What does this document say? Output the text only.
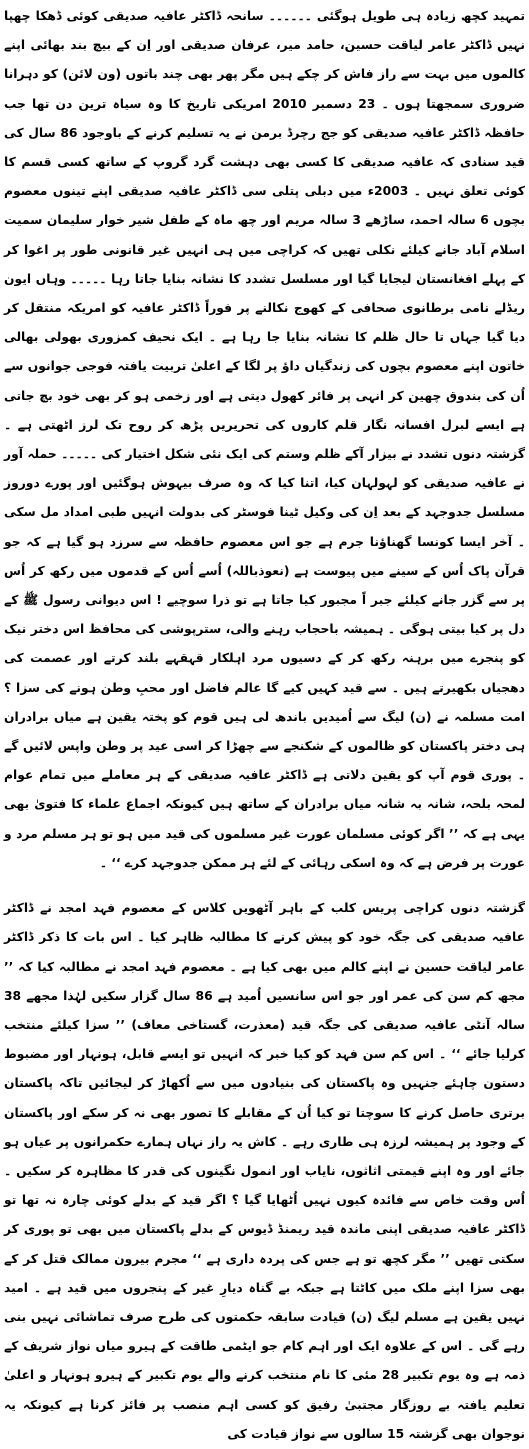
تمہید کچھ زیادہ ہی طویل ہوگئی ۔۔۔۔۔۔ سانحہ ڈاکٹر عافیہ صدیقی کوئی ڈھکا چھپا نہیں ڈاکٹر عامر لیاقت حسین، حامد میر، عرفان صدیقی اور اِن کے بیچ بند بھائی اپنے کالموں میں بہت سے راز فاش کر چکے ہیں مگر پھر بھی چند باتوں (ون لائن) کو دہرانا ضروری سمجھتا ہوں ۔ 23 دسمبر 2010 امریکی تاریخ کا وہ سیاہ ترین دن تھا جب حافظہ ڈاکٹر عافیہ صدیقی کو جج رچرڈ برمن نے یہ تسلیم کرنے کے باوجود 86 سال کی قید سنادی کہ عافیہ صدیقی کا کسی بھی دہشت گرد گروپ کے ساتھ کسی قسم کا کوئی تعلق نہیں ۔ 2003ء میں دبلی پتلی سی ڈاکٹر عافیہ صدیقی اپنے تینوں معصوم بچوں 6 سالہ احمد، ساڑھے 3 سالہ مریم اور چھ ماہ کے طفل شیر خوار سلیمان سمیت اسلام آباد جانے کیلئے نکلی تھیں کہ کراچی میں ہی انہیں غیر قانونی طور پر اغوا کر کے پہلے افغانستان لیجایا گیا اور مسلسل تشدد کا نشانہ بنایا جاتا رہا ۔۔۔۔۔ وہاں ایون ریڈلے نامی برطانوی صحافی کے کھوج نکالنے پر فوراً ڈاکٹر عافیہ کو امریکہ منتقل کر دیا گیا جہاں تا حال ظلم کا نشانہ بنایا جا رہا ہے ۔ ایک نحیف کمزوری بھولی بھالی خاتون اپنے معصوم بچوں کی زندگیاں داؤ پر لگا کے اعلیٰ تربیت یافتہ فوجی جوانوں سے اُن کی بندوق چھین کر انہی پر فائر کھول دیتی ہے اور زخمی ہو کر بھی خود بچ جاتی ہے ایسے لبرل افسانہ نگار قلم کاروں کی تحریریں پڑھ کر روح تک لرز اٹھتی ہے ۔ گزشتہ دنوں تشدد نے بیزار آکے ظلم وستم کی ایک نئی شکل اختیار کی ۔۔۔۔۔ حملہ آور نے عافیہ صدیقی کو لہولہان کیا، اتنا کیا کہ وہ صرف بیہوش ہوگئیں اور پورے دوروز مسلسل جدوجہد کے بعد اِن کی وکیل ٹینا فوسٹر کی بدولت انہیں طبی امداد مل سکی ۔ آخر ایسا کونسا گھناؤنا جرم ہے جو اس معصوم حافظہ سے سرزد ہو گیا ہے کہ جو قرآن پاک اُس کے سینے میں پیوست ہے (نعوذباللہ) اُسے اُس کے قدموں میں رکھ کر اُس پر سے گزر جانے کیلئے جبر اً مجبور کیا جاتا ہے تو ذرا سوچیے ! اس دیوانی رسول ﷺ کے دل پر کیا بیتی ہوگی ۔ ہمیشہ باحجاب رہنے والی، سترپوشی کی محافظ اس دختر نیک کو پنجرے میں برہنہ رکھ کر کے دسیوں مرد اہلکار قہقہے بلند کرتے اور عصمت کی دھجیاں بکھیرتے ہیں ۔ سے قید کہیں کیے گا عالم فاضل اور محبِ وطن ہونے کی سزا ؟ امت مسلمہ نے (ن) لیگ سے اُمیدیں باندھ لی ہیں قوم کو پختہ یقین ہے میاں برادران ہی دختر پاکستان کو ظالموں کے شکنجے سے چھڑا کر اسی عید پر وطن واپس لائیں گے ۔ پوری قوم آپ کو یقین دلاتی ہے ڈاکٹر عافیہ صدیقی کے ہر معاملے میں تمام عوام لمحہ بلحہ، شانہ بہ شانہ میاں برادران کے ساتھ ہیں کیونکہ اجماع علماء کا فتویٰ بھی یہی ہے کہ ’’ اگر کوئی مسلمان عورت غیر مسلموں کی قید میں ہو تو ہر مسلم مرد و عورت پر فرض ہے کہ وہ اسکی رہائی کے لئے ہر ممکن جدوجہد کرے ‘‘ ۔

گزشتہ دنوں کراچی پریس کلب کے باہر آٹھویں کلاس کے معصوم فہد امجد نے ڈاکٹر عافیہ صدیقی کی جگہ خود کو پیش کرنے کا مطالبہ ظاہر کیا ۔ اس بات کا ذکر ڈاکٹر عامر لیاقت حسین نے اپنے کالم میں بھی کیا ہے ۔ معصوم فہد امجد نے مطالبہ کیا کہ ’’ مجھ کم سن کی عمر اور جو اس سانسیں اُمید ہے 86 سال گزار سکیں لہٰذا مجھے 38 سالہ آنٹی عافیہ صدیقی کی جگہ قید (معذرت، گستاخی معاف) ’’ سزا کیلئے منتخب کرلیا جائے ‘‘ ۔ اس کم سن فہد کو کیا خبر کہ انہیں تو ایسے قابل، ہونہار اور مضبوط دستون چاہئے جنہیں وہ پاکستان کی بنیادوں میں سے اُکھاڑ کر لیجائیں تاکہ پاکستان برتری حاصل کرنے کا سوچتا تو کیا اُن کے مقابلے کا تصور بھی نہ کر سکے اور پاکستان کے وجود پر ہمیشہ لرزہ ہی طاری رہے ۔ کاش یہ راز نہاں ہمارے حکمرانوں پر عیاں ہو جائے اور وہ اپنے قیمتی اثاثوں، نایاب اور انمول نگینوں کی قدر کا مظاہرہ کر سکیں ۔ اُس وقت خاص سے فائدہ کیوں نہیں اُٹھایا گیا ؟ اگر قید کے بدلے کوئی چارہ نہ تھا تو ڈاکٹر عافیہ صدیقی اپنی ماندہ قید ریمنڈ ڈیوس کے بدلے پاکستان میں بھی تو پوری کر سکتی تھیں ’’ مگر کچھ تو ہے جس کی پردہ داری ہے ‘‘ مجرم بیرون ممالک قتل کر کے بھی سزا اپنے ملک میں کاٹتا ہے جبکہ بے گناہ دیارِ غیر کے پنجروں میں قید ہے ۔ امید نہیں یقین ہے مسلم لیگ (ن) قیادت سابقہ حکمتوں کی طرح صرف تماشائی نہیں بنی رہے گی ۔ اس کے علاوہ ایک اور اہم کام جو ایٹمی طاقت کے ہیرو میاں نواز شریف کے ذمہ ہے وہ یوم تکبیر 28 مئی کا نام منتخب کرنے والے یوم تکبیر کے ہیرو ہونہار و اعلیٰ تعلیم یافتہ بے روزگار مجتبیٰ رفیق کو کسی اہم منصب پر فائز کرنا ہے کیونکہ یہ نوجوان بھی گزشتہ 15 سالوں سے نواز قیادت کی
